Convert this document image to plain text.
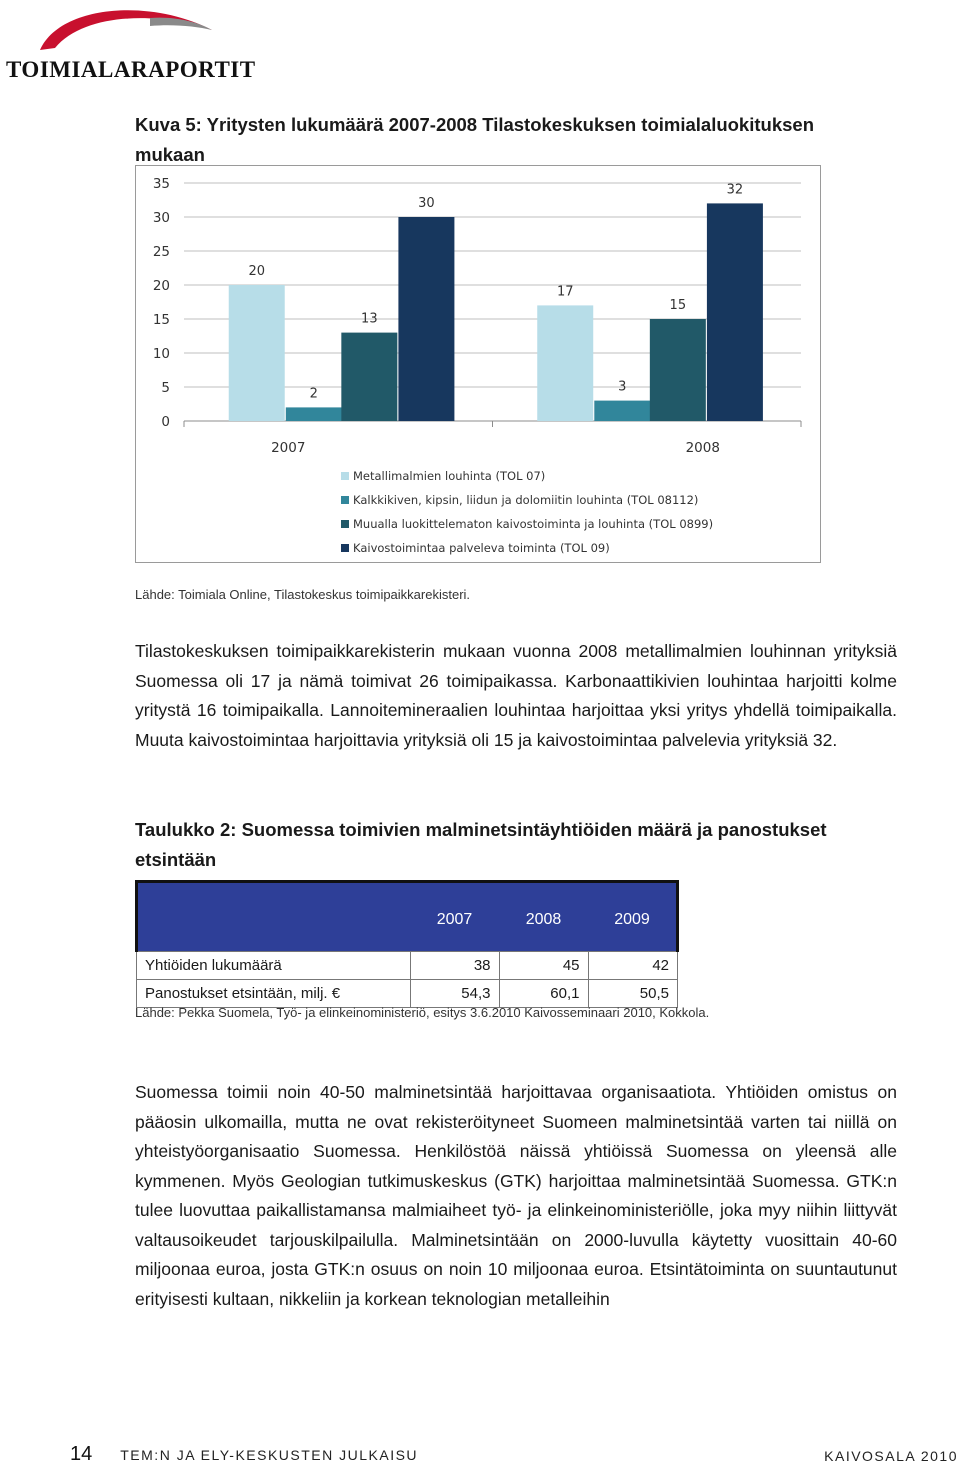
TOIMIALARAPORTIT
Kuva 5: Yritysten lukumäärä 2007-2008 Tilastokeskuksen toimialaluokituksen mukaan
0
5
10
15
20
25
30
35
20
2
13
30
2007
17
3
15
32
2008
Metallimalmien louhinta (TOL 07)
Kalkkikiven, kipsin, liidun ja dolomiitin louhinta (TOL 08112)
Muualla luokittelematon kaivostoiminta ja louhinta (TOL 0899)
Kaivostoimintaa palveleva toiminta (TOL 09)
Lähde: Toimiala Online, Tilastokeskus toimipaikkarekisteri.
Tilastokeskuksen toimipaikkarekisterin mukaan vuonna 2008 metallimalmien louhinnan yrityksiä Suomessa oli 17 ja nämä toimivat 26 toimipaikassa. Karbonaattikivien louhintaa harjoitti kolme yritystä 16 toimipaikalla. Lannoitemineraalien louhintaa harjoittaa yksi yritys yhdellä toimipaikalla. Muuta kaivostoimintaa harjoittavia yrityksiä oli 15 ja kaivostoimintaa palvelevia yrityksiä 32.
Taulukko 2: Suomessa toimivien malminetsintäyhtiöiden määrä ja panostukset etsintään
	2007	2008	2009
Yhtiöiden lukumäärä	38	45	42
Panostukset etsintään, milj. €	54,3	60,1	50,5
Lähde: Pekka Suomela, Työ- ja elinkeinoministeriö, esitys 3.6.2010 Kaivosseminaari 2010, Kokkola.
Suomessa toimii noin 40-50 malminetsintää harjoittavaa organisaatiota. Yhtiöiden omistus on pääosin ulkomailla, mutta ne ovat rekisteröityneet Suomeen malminetsintää varten tai niillä on yhteistyöorganisaatio Suomessa. Henkilöstöä näissä yhtiöissä Suomessa on yleensä alle kymmenen. Myös Geologian tutkimuskeskus (GTK) harjoittaa malminetsintää Suomessa. GTK:n tulee luovuttaa paikallistamansa malmiaiheet työ- ja elinkeinoministeriölle, joka myy niihin liittyvät valtausoikeudet tarjouskilpailulla. Malminetsintään on 2000-luvulla käytetty vuosittain 40-60 miljoonaa euroa, josta GTK:n osuus on noin 10 miljoonaa euroa. Etsintätoiminta on suuntautunut erityisesti kultaan, nikkeliin ja korkean teknologian metalleihin
14 TEM:N JA ELY-KESKUSTEN JULKAISU	KAIVOSALA 2010
